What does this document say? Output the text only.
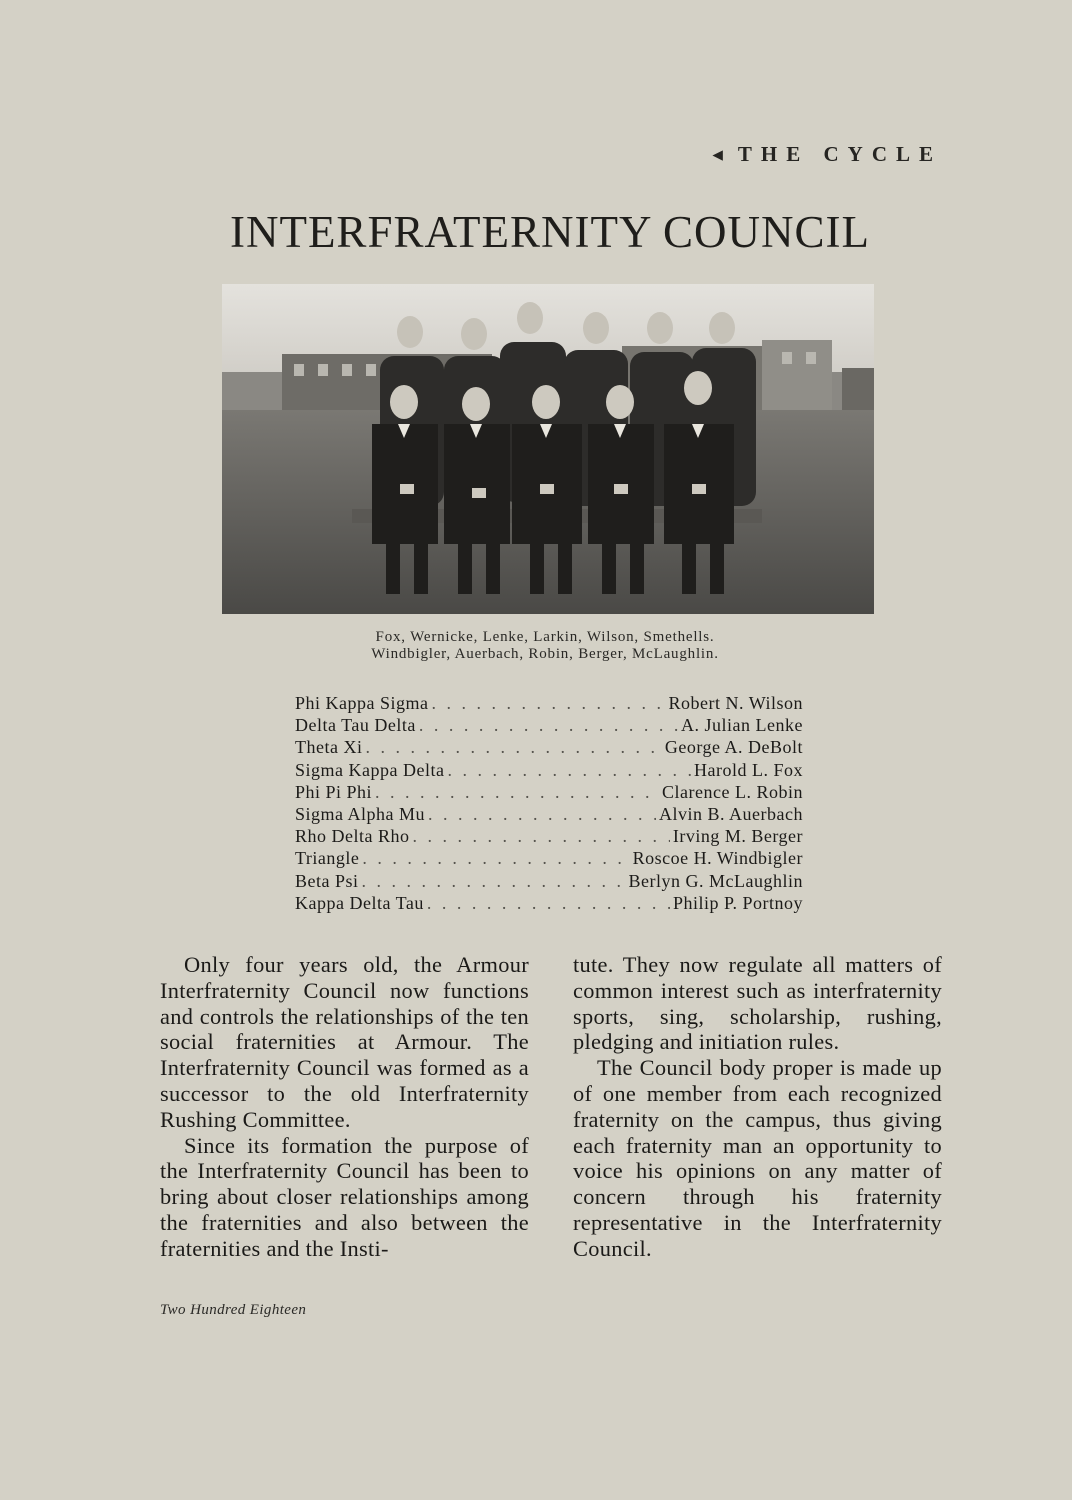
◂ THE CYCLE
INTERFRATERNITY COUNCIL
Fox, Wernicke, Lenke, Larkin, Wilson, Smethells.
Windbigler, Auerbach, Robin, Berger, McLaughlin.
Phi Kappa Sigma . . .	Robert N. Wilson
Delta Tau Delta . . .	A. Julian Lenke
Theta Xi . . .	George A. DeBolt
Sigma Kappa Delta . . .	Harold L. Fox
Phi Pi Phi . . .	Clarence L. Robin
Sigma Alpha Mu . . .	Alvin B. Auerbach
Rho Delta Rho . . .	Irving M. Berger
Triangle . . .	Roscoe H. Windbigler
Beta Psi . . .	Berlyn G. McLaughlin
Kappa Delta Tau . . .	Philip P. Portnoy

Only four years old, the Armour Interfraternity Council now functions and controls the relationships of the ten social fraternities at Armour. The Interfraternity Council was formed as a successor to the old Interfraternity Rushing Committee.

Since its formation the purpose of the Interfraternity Council has been to bring about closer relationships among the fraternities and also between the fraternities and the Insti-

tute. They now regulate all matters of common interest such as interfraternity sports, sing, scholarship, rushing, pledging and initiation rules.

The Council body proper is made up of one member from each recognized fraternity on the campus, thus giving each fraternity man an opportunity to voice his opinions on any matter of concern through his fraternity representative in the Interfraternity Council.

Two Hundred Eighteen
